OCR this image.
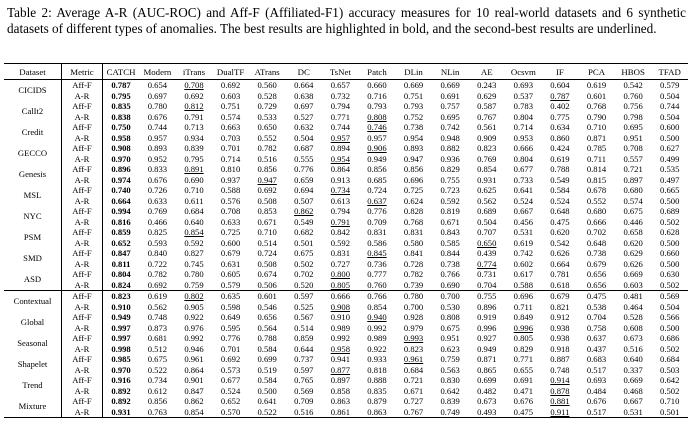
Table 2: Average A-R (AUC-ROC) and Aff-F (Affiliated-F1) accuracy measures for 10 real-world datasets and 6 synthetic datasets of different types of anomalies. The best results are highlighted in bold, and the second-best results are underlined.

Dataset	Metric	CATCH	Modern	iTrans	DualTF	ATrans	DC	TsNet	Patch	DLin	NLin	AE	Ocsvm	IF	PCA	HBOS	TFAD
CICIDS	Aff-F	0.787	0.654	0.708	0.692	0.560	0.664	0.657	0.660	0.669	0.669	0.243	0.693	0.604	0.619	0.542	0.579
	A-R	0.795	0.697	0.692	0.603	0.528	0.638	0.732	0.716	0.751	0.691	0.629	0.537	0.787	0.601	0.760	0.504
CalIt2	Aff-F	0.835	0.780	0.812	0.751	0.729	0.697	0.794	0.793	0.793	0.757	0.587	0.783	0.402	0.768	0.756	0.744
	A-R	0.838	0.676	0.791	0.574	0.533	0.527	0.771	0.808	0.752	0.695	0.767	0.804	0.775	0.790	0.798	0.504
Credit	Aff-F	0.750	0.744	0.713	0.663	0.650	0.632	0.744	0.746	0.738	0.742	0.561	0.714	0.634	0.710	0.695	0.600
	A-R	0.958	0.957	0.934	0.703	0.552	0.504	0.957	0.957	0.954	0.948	0.909	0.953	0.860	0.871	0.951	0.500
GECCO	Aff-F	0.908	0.893	0.839	0.701	0.782	0.687	0.894	0.906	0.893	0.882	0.823	0.666	0.424	0.785	0.708	0.627
	A-R	0.970	0.952	0.795	0.714	0.516	0.555	0.954	0.949	0.947	0.936	0.769	0.804	0.619	0.711	0.557	0.499
Genesis	Aff-F	0.896	0.833	0.891	0.810	0.856	0.776	0.864	0.856	0.856	0.829	0.854	0.677	0.788	0.814	0.721	0.535
	A-R	0.974	0.676	0.690	0.937	0.947	0.659	0.913	0.685	0.696	0.755	0.931	0.733	0.549	0.815	0.897	0.497
MSL	Aff-F	0.740	0.726	0.710	0.588	0.692	0.694	0.734	0.724	0.725	0.723	0.625	0.641	0.584	0.678	0.680	0.665
	A-R	0.664	0.633	0.611	0.576	0.508	0.507	0.613	0.637	0.624	0.592	0.562	0.524	0.524	0.552	0.574	0.500
NYC	Aff-F	0.994	0.769	0.684	0.708	0.853	0.862	0.794	0.776	0.828	0.819	0.689	0.667	0.648	0.680	0.675	0.689
	A-R	0.816	0.466	0.640	0.633	0.671	0.549	0.791	0.709	0.768	0.671	0.504	0.456	0.475	0.666	0.446	0.502
PSM	Aff-F	0.859	0.825	0.854	0.725	0.710	0.682	0.842	0.831	0.831	0.843	0.707	0.531	0.620	0.702	0.658	0.628
	A-R	0.652	0.593	0.592	0.600	0.514	0.501	0.592	0.586	0.580	0.585	0.650	0.619	0.542	0.648	0.620	0.500
SMD	Aff-F	0.847	0.840	0.827	0.679	0.724	0.675	0.831	0.845	0.841	0.844	0.439	0.742	0.626	0.738	0.629	0.660
	A-R	0.811	0.722	0.745	0.631	0.508	0.502	0.727	0.736	0.728	0.738	0.774	0.602	0.664	0.679	0.626	0.500
ASD	Aff-F	0.804	0.782	0.780	0.605	0.674	0.702	0.800	0.777	0.782	0.766	0.731	0.617	0.781	0.656	0.669	0.630
	A-R	0.824	0.692	0.759	0.579	0.506	0.520	0.805	0.760	0.739	0.690	0.704	0.588	0.618	0.656	0.603	0.502
Contextual	Aff-F	0.823	0.619	0.802	0.635	0.601	0.597	0.666	0.766	0.780	0.700	0.755	0.696	0.679	0.475	0.481	0.569
	A-R	0.910	0.562	0.905	0.598	0.546	0.525	0.908	0.854	0.700	0.530	0.896	0.711	0.821	0.538	0.464	0.504
Global	Aff-F	0.949	0.748	0.922	0.649	0.656	0.567	0.910	0.940	0.928	0.808	0.919	0.849	0.912	0.704	0.528	0.566
	A-R	0.997	0.873	0.976	0.595	0.564	0.514	0.989	0.992	0.979	0.675	0.996	0.996	0.938	0.758	0.608	0.500
Seasonal	Aff-F	0.997	0.681	0.992	0.776	0.788	0.859	0.992	0.989	0.993	0.951	0.927	0.805	0.938	0.637	0.673	0.686
	A-R	0.998	0.512	0.946	0.701	0.584	0.644	0.958	0.922	0.823	0.623	0.949	0.829	0.918	0.437	0.516	0.502
Shapelet	Aff-F	0.985	0.675	0.961	0.692	0.699	0.737	0.941	0.933	0.961	0.759	0.871	0.771	0.887	0.683	0.640	0.684
	A-R	0.970	0.522	0.864	0.573	0.519	0.597	0.877	0.818	0.684	0.563	0.865	0.655	0.748	0.517	0.337	0.503
Trend	Aff-F	0.916	0.734	0.901	0.677	0.584	0.765	0.897	0.888	0.721	0.830	0.699	0.691	0.914	0.693	0.669	0.642
	A-R	0.892	0.612	0.847	0.524	0.500	0.569	0.858	0.835	0.671	0.642	0.482	0.471	0.878	0.484	0.468	0.502
Mixture	Aff-F	0.892	0.856	0.862	0.652	0.641	0.709	0.863	0.879	0.727	0.839	0.673	0.676	0.881	0.676	0.667	0.710
	A-R	0.931	0.763	0.854	0.570	0.522	0.516	0.861	0.863	0.767	0.749	0.493	0.475	0.911	0.517	0.531	0.501
